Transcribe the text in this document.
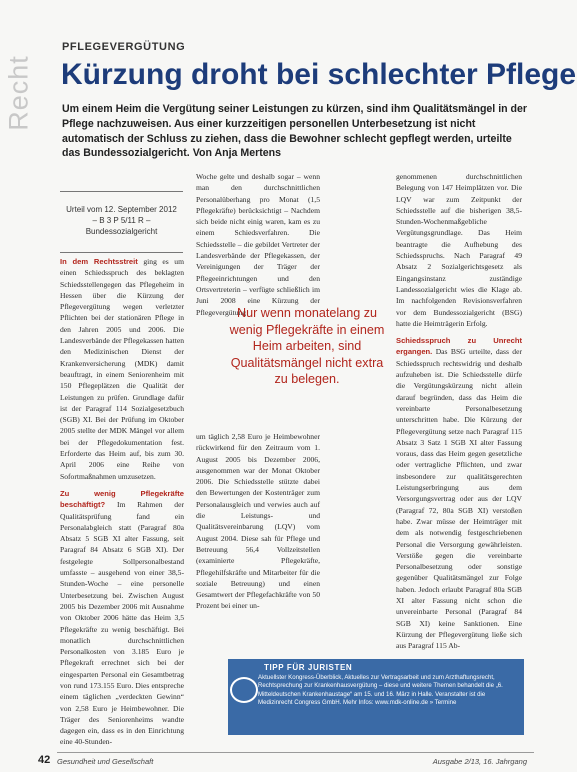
Recht
PFLEGEVERGÜTUNG
Kürzung droht bei schlechter Pflege
Um einem Heim die Vergütung seiner Leistungen zu kürzen, sind ihm Qualitätsmängel in der Pflege nachzuweisen. Aus einer kurzzeitigen personellen Unterbesetzung ist nicht automatisch der Schluss zu ziehen, dass die Bewohner schlecht gepflegt werden, urteilte das Bundessozialgericht. Von Anja Mertens
Urteil vom 12. September 2012
– B 3 P 5/11 R –
Bundessozialgericht

In dem Rechtsstreit ging es um einen Schiedsspruch des beklagten Schiedsstellengegen das Pflegeheim in Hessen über die Kürzung der Pflegevergütung wegen verletzter Pflichten bei der stationären Pflege in den Jahren 2005 und 2006. Die Landesverbände der Pflegekassen hatten den Medizinischen Dienst der Krankenversicherung (MDK) damit beauftragt, in einem Seniorenheim mit 150 Pflegeplätzen die Qualität der Leistungen zu prüfen. Grundlage dafür ist der Paragraf 114 Sozialgesetzbuch (SGB) XI. Bei der Prüfung im Oktober 2005 stellte der MDK Mängel vor allem bei der Pflegedokumentation fest. Erforderte das Heim auf, bis zum 30. April 2006 eine Reihe von Sofortmaßnahmen umzusetzen.

Zu wenig Pflegekräfte beschäftigt? Im Rahmen der Qualitätsprüfung fand ein Personalabgleich statt (Paragraf 80a Absatz 5 SGB XI alter Fassung, seit Paragraf 84 Absatz 6 SGB XI). Der festgelegte Sollpersonalbestand umfasste – ausgehend von einer 38,5-Stunden-Woche – eine personelle Unterbesetzung bei. Zwischen August 2005 bis Dezember 2006 mit Ausnahme von Oktober 2006 hätte das Heim 3,5 Pflegekräfte zu wenig beschäftigt. Bei monatlich durchschnittlichen Personalkosten von 3.185 Euro je Pflegekraft errechnet sich bei der eingesparten Personal ein Gesamtbetrag von rund 173.155 Euro. Dies entspreche einem täglichen „verdeckten Gewinn“ von 2,58 Euro je Heimbewohner. Die Träger des Seniorenheims wandte dagegen ein, dass es in den Einrichtung eine 40-Stunden-

Woche gelte und deshalb sogar – wenn man den durchschnittlichen Personalüberhang pro Monat (1,5 Pflegekräfte) berücksichtigt – Nachdem sich beide nicht einig waren, kam es zu einem Schiedsverfahren. Die Schiedsstelle – die gebildet Vertreter der Landesverbände der Pflegekassen, der Vereinigungen der Träger der Pflegeeinrichtungen und den Ortsvertreterin – verfügte schließlich im Juni 2008 eine Kürzung der Pflegevergütung

Nur wenn monatelang zu wenig Pflegekräfte in einem Heim arbeiten, sind Qualitätsmängel nicht extra zu belegen.

um täglich 2,58 Euro je Heimbewohner rückwirkend für den Zeitraum vom 1. August 2005 bis Dezember 2006, ausgenommen war der Monat Oktober 2006. Die Schiedsstelle stützte dabei den Bewertungen der Kostenträger zum Personalausgleich und verwies auch auf die Leistungs- und Qualitätsvereinbarung (LQV) vom August 2004. Diese sah für Pflege und Betreuung 56,4 Vollzeitstellen (examinierte Pflegekräfte, Pflegehilfskräfte und Mitarbeiter für die soziale Betreuung) und einen Gesamtwert der Pflegefachkräfte von 50 Prozent bei einer un-

genommenen durchschnittlichen Belegung von 147 Heimplätzen vor. Die LQV war zum Zeitpunkt der Schiedsstelle auf die bisherigen 38,5-Stunden-Wochenmaßgebliche Vergütungsgrundlage. Das Heim beantragte die Aufhebung des Schiedsspruchs. Nach Paragraf 49 Absatz 2 Sozialgerichtsgesetz als Eingangsinstanz zuständige Landessozialgericht wies die Klage ab. Im nachfolgenden Revisionsverfahren vor dem Bundessozialgericht (BSG) hatte die Heimträgerin Erfolg.

Schiedsspruch zu Unrecht ergangen. Das BSG urteilte, dass der Schiedsspruch rechtswidrig und deshalb aufzuheben ist. Die Schiedsstelle dürfe die Vergütungskürzung nicht allein darauf begründen, dass das Heim die vereinbarte Personalbesetzung unterschritten habe. Die Kürzung der Pflegevergütung setze nach Paragraf 115 Absatz 3 Satz 1 SGB XI alter Fassung voraus, dass das Heim gegen gesetzliche oder vertragliche Pflichten, und zwar insbesondere zur qualitätsgerechten Leistungserbringung aus dem Versorgungsvertrag oder aus der LQV (Paragraf 72, 80a SGB XI) verstoßen habe. Zwar müsse der Heimträger mit dem als notwendig festgeschriebenen Personal die Versorgung gewährleisten. Verstöße gegen die vereinbarte Personalbesetzung oder sonstige gegenüber Qualitätsmängel zur Folge haben. Jedoch erlaubt Paragraf 80a SGB XI alter Fassung nicht schon die unvereinbarte Personal (Paragraf 84 SGB XI) keine Sanktionen. Eine Kürzung der Pflegevergütung ließe sich aus Paragraf 115 Ab-

TIPP FÜR JURISTEN
Aktuellster Kongress-Überblick, Aktuelles zur Vertragsarbeit und zum Arzthaftungsrecht, Rechtsprechung zur Krankenhausvergütung – diese und weitere Themen behandelt die „6. Mitteldeutschen Krankenhaustage“ am 15. und 16. März in Halle. Veranstalter ist die Medizinrecht Congress GmbH. Mehr Infos: www.mdk-online.de » Termine
42 Gesundheit und Gesellschaft	Ausgabe 2/13, 16. Jahrgang
